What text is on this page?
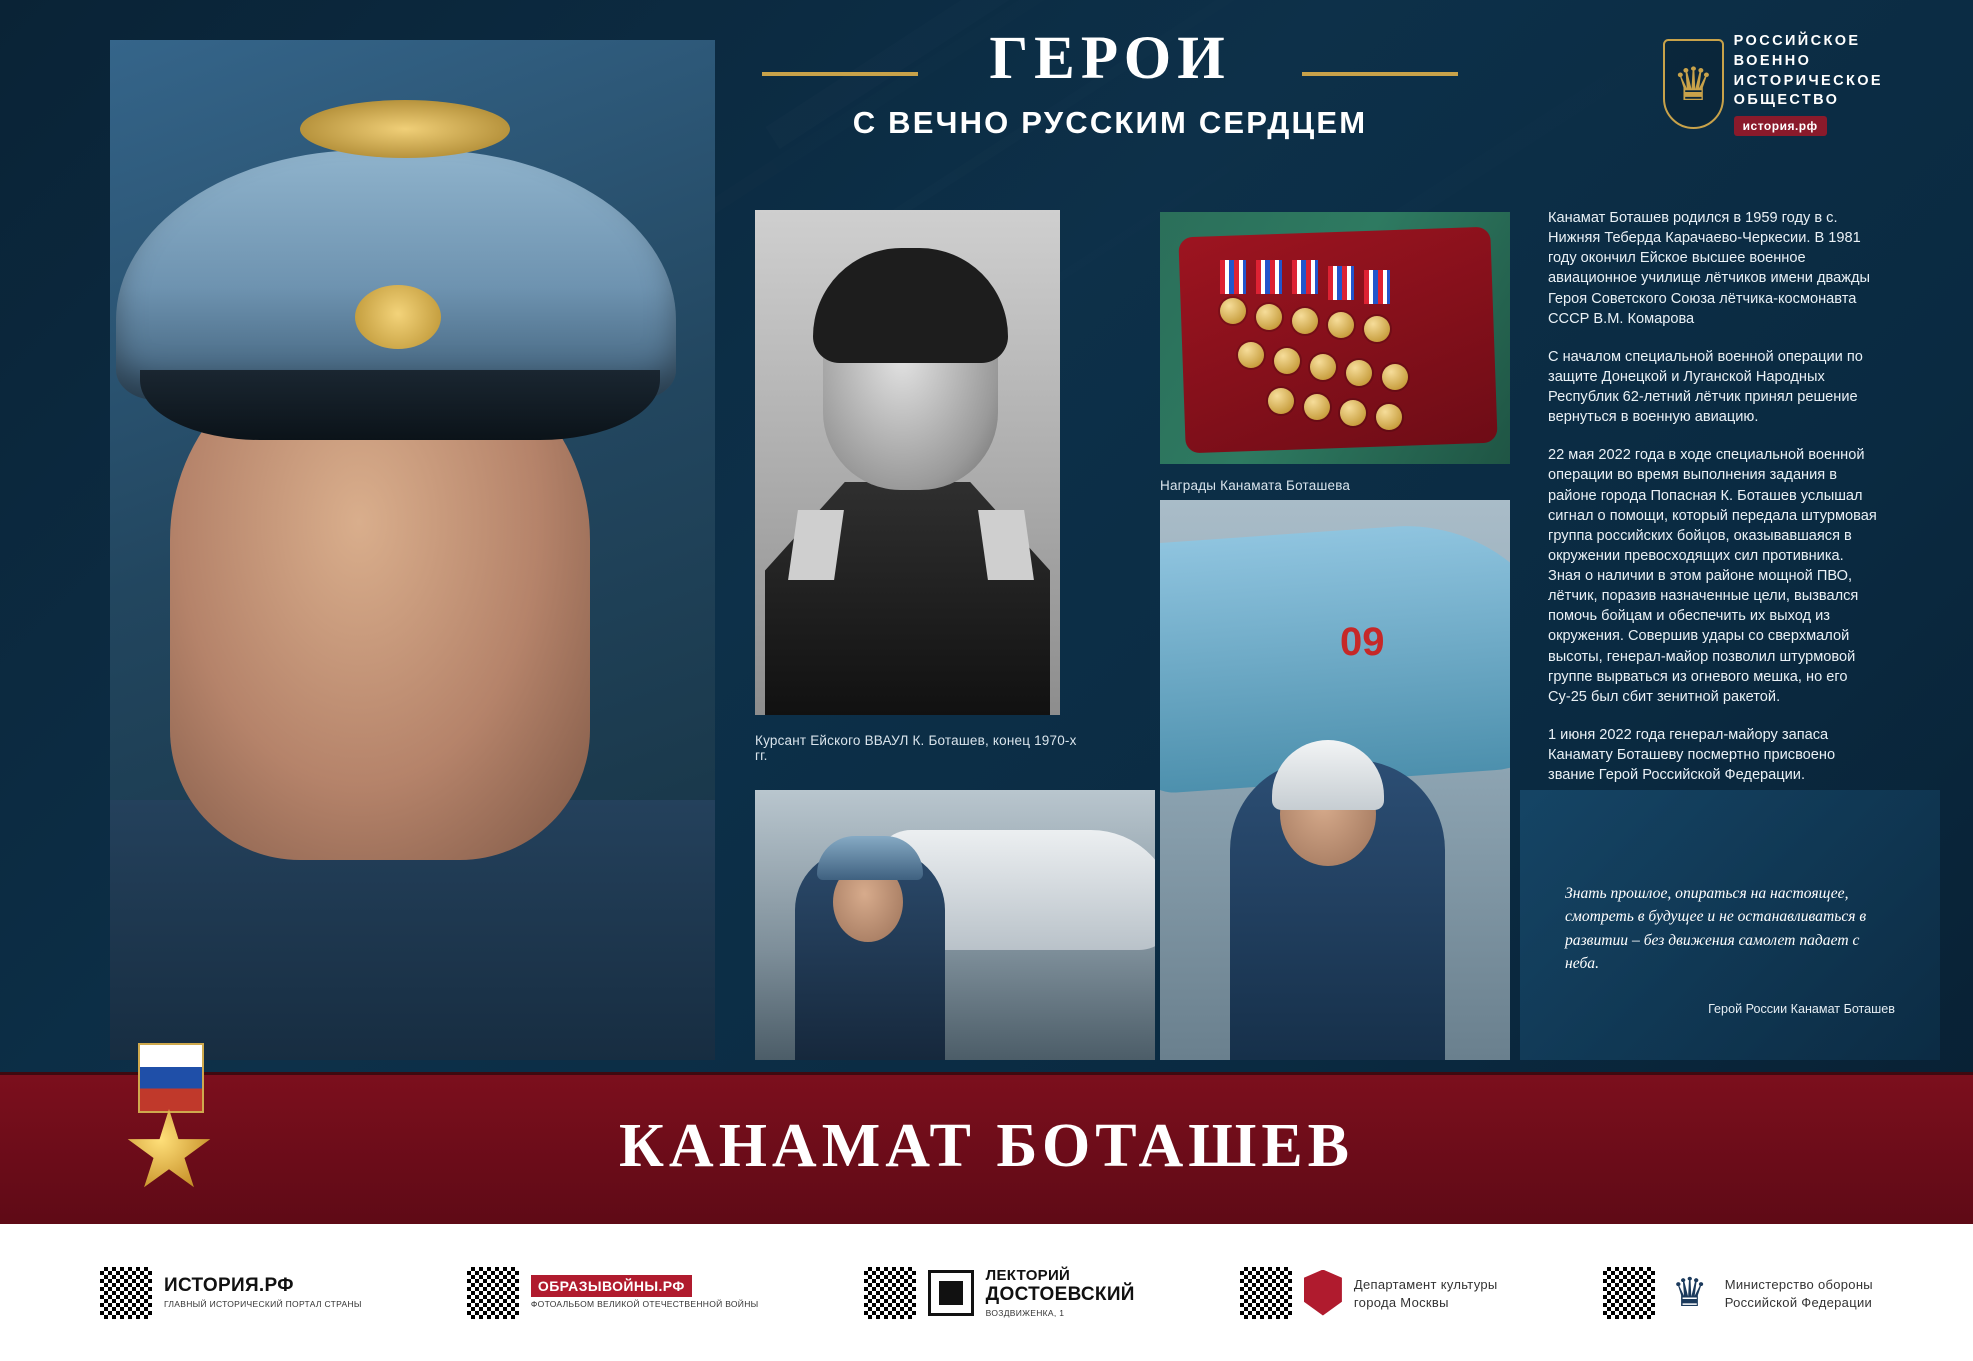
ГЕРОИ
С ВЕЧНО РУССКИМ СЕРДЦЕМ
♛
РОССИЙСКОЕ
ВОЕННО
ИСТОРИЧЕСКОЕ
ОБЩЕСТВО
история.рф
Курсант Ейского ВВАУЛ К. Боташев, конец 1970-х гг.
Награды Канамата Боташева
09

Канамат Боташев родился в 1959 году в с. Нижняя Теберда Карачаево-Черкесии. В 1981 году окончил Ейское высшее военное авиационное училище лётчиков имени дважды Героя Советского Союза лётчика-космонавта СССР В.М. Комарова

С началом специальной военной операции по защите Донецкой и Луганской Народных Республик 62-летний лётчик принял решение вернуться в военную авиацию.

22 мая 2022 года в ходе специальной военной операции во время выполнения задания в районе города Попасная К. Боташев услышал сигнал о помощи, который передала штурмовая группа российских бойцов, оказывавшаяся в окружении превосходящих сил противника. Зная о наличии в этом районе мощной ПВО, лётчик, поразив назначенные цели, вызвался помочь бойцам и обеспечить их выход из окружения. Совершив удары со сверхмалой высоты, генерал-майор позволил штурмовой группе вырваться из огневого мешка, но его Су-25 был сбит зенитной ракетой.

1 июня 2022 года генерал-майору запаса Канамату Боташеву посмертно присвоено звание Герой Российской Федерации.

Знать прошлое, опираться на настоящее, смотреть в будущее и не останавливаться в развитии – без движения самолет падает с неба.
Герой России Канамат Боташев
КАНАМАТ БОТАШЕВ
ИСТОРИЯ.РФ
ГЛАВНЫЙ ИСТОРИЧЕСКИЙ ПОРТАЛ СТРАНЫ
ОБРАЗЫВОЙНЫ.РФ
ФОТОАЛЬБОМ ВЕЛИКОЙ ОТЕЧЕСТВЕННОЙ ВОЙНЫ
ЛЕКТОРИЙ
ДОСТОЕВСКИЙ
ВОЗДВИЖЕНКА, 1
Департамент культуры
города Москвы	♛	Министерство обороны
Российской Федерации
